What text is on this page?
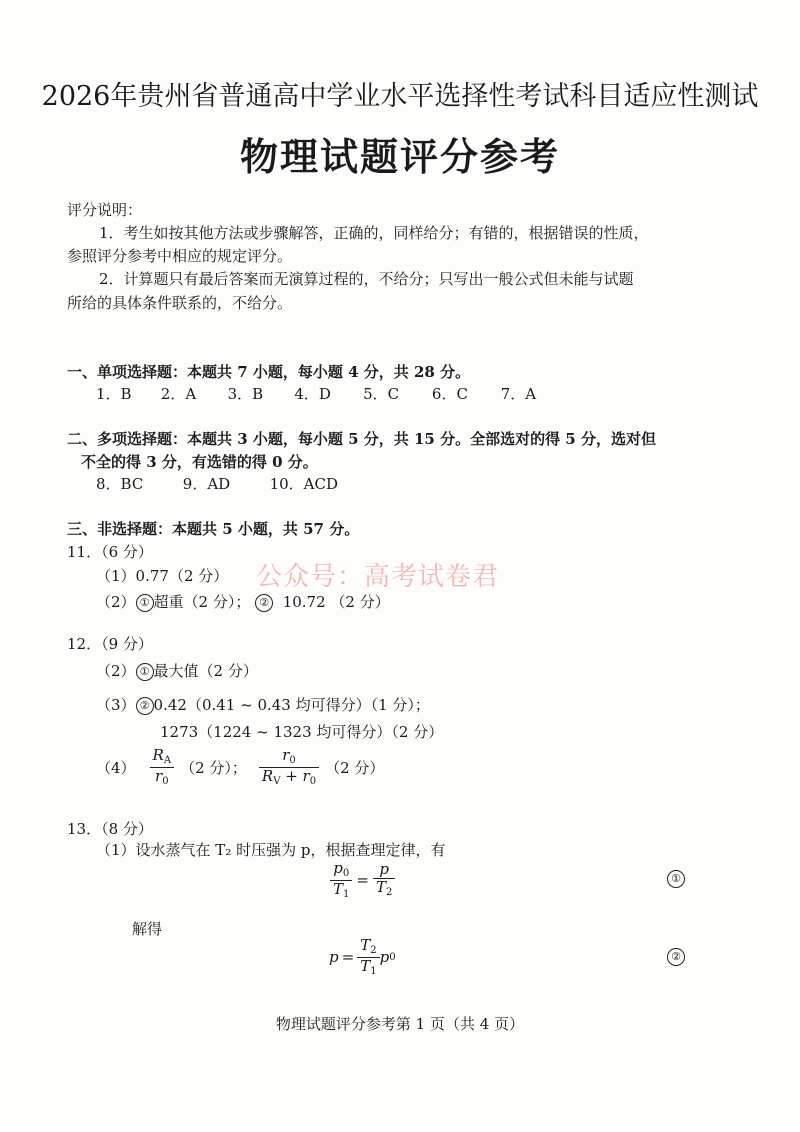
2026年贵州省普通高中学业水平选择性考试科目适应性测试
物理试题评分参考
评分说明：
1．考生如按其他方法或步骤解答，正确的，同样给分；有错的，根据错误的性质，
参照评分参考中相应的规定评分。
2．计算题只有最后答案而无演算过程的，不给分；只写出一般公式但未能与试题
所给的具体条件联系的，不给分。
一、单项选择题：本题共 7 小题，每小题 4 分，共 28 分。
1．B 2．A 3．B 4．D 5．C 6．C 7．A
二、多项选择题：本题共 3 小题，每小题 5 分，共 15 分。全部选对的得 5 分，选对但
不全的得 3 分，有选错的得 0 分。
8．BC	9．AD	10．ACD
三、非选择题：本题共 5 小题，共 57 分。
公众号：高考试卷君
11．（6 分）
（1）0.77（2 分）
（2） ① 超重（2 分）； ② 10.72 （2 分）
12．（9 分）
（2） ① 最大值（2 分）
（3） ② 0.42（0.41 ~ 0.43 均可得分）（1 分）；
1273（1224 ~ 1323 均可得分）（2 分）
$(4) \frac{R_A}{r_0} (2$ 分）； $\frac{r_0}{R_V + r_0} (2$ 分）
13．（8 分）
（1）设水蒸气在 T₂ 时压强为 p，根据查理定律，有
$\frac{p_0}{T_1} = \frac{p}{T_2}$	①
解得
$p = \frac{T_2}{T_1}$ p 0	②
物理试题评分参考第 1 页（共 4 页）
